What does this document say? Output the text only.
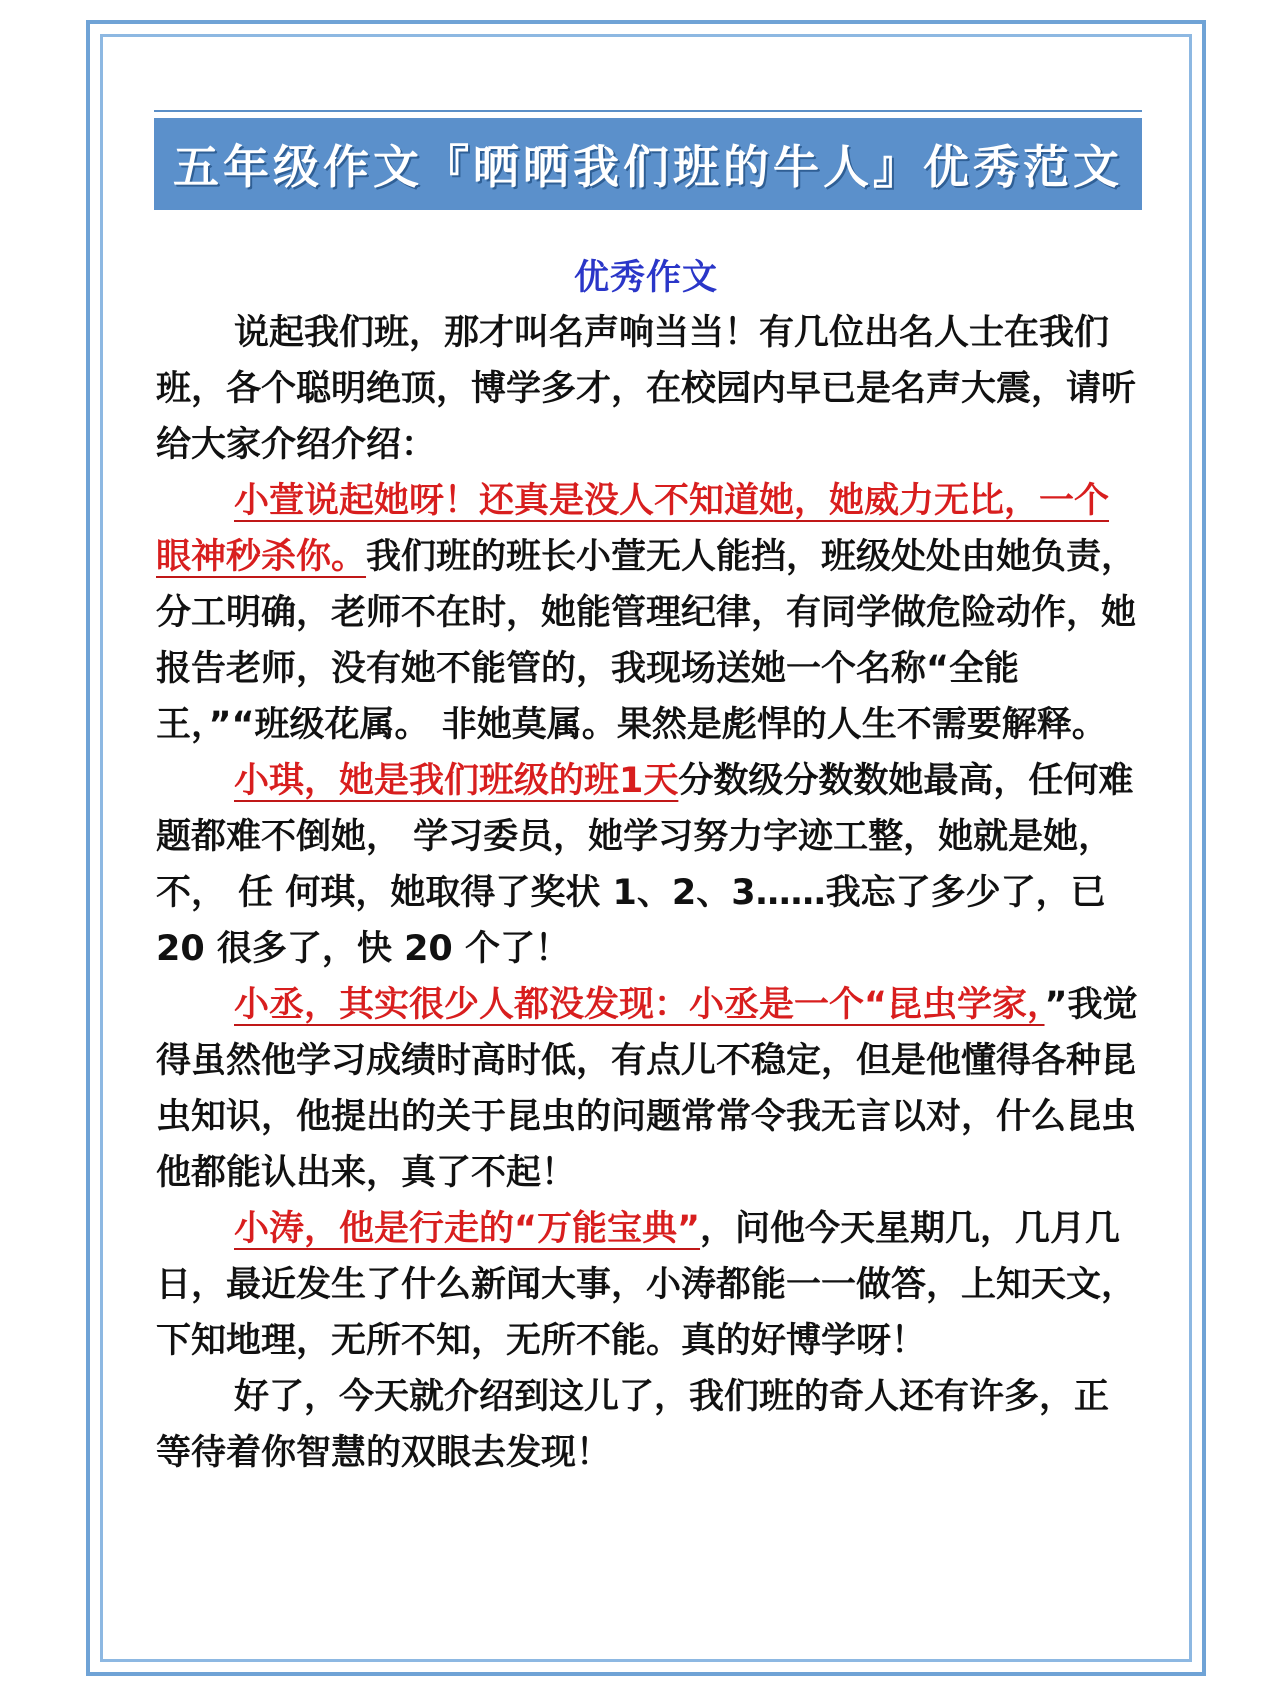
五年级作文『晒晒我们班的牛人』优秀范文
优秀作文

说起我们班，那才叫名声响当当！有几位出名人士在我们班，各个聪明绝顶，博学多才，在校园内早已是名声大震，请听给大家介绍介绍：

小萱说起她呀！还真是没人不知道她，她威力无比，一个眼神秒杀你。我们班的班长小萱无人能挡，班级处处由她负责，分工明确，老师不在时，她能管理纪律，有同学做危险动作，她报告老师，没有她不能管的，我现场送她一个名称“全能王，”“班级花属。 非她莫属。果然是彪悍的人生不需要解释。

小琪，她是我们班级的班1天分数级分数数她最高，任何难题都难不倒她， 学习委员，她学习努力字迹工整，她就是她，不， 任 何琪，她取得了奖状 1、2、3……我忘了多少了，已 20 很多了，快 20 个了！

小丞，其实很少人都没发现：小丞是一个“昆虫学家，”我觉得虽然他学习成绩时高时低，有点儿不稳定，但是他懂得各种昆虫知识，他提出的关于昆虫的问题常常令我无言以对，什么昆虫他都能认出来，真了不起！

小涛，他是行走的“万能宝典”，问他今天星期几，几月几日，最近发生了什么新闻大事，小涛都能一一做答，上知天文，下知地理，无所不知，无所不能。真的好博学呀！

好了，今天就介绍到这儿了，我们班的奇人还有许多，正等待着你智慧的双眼去发现！
